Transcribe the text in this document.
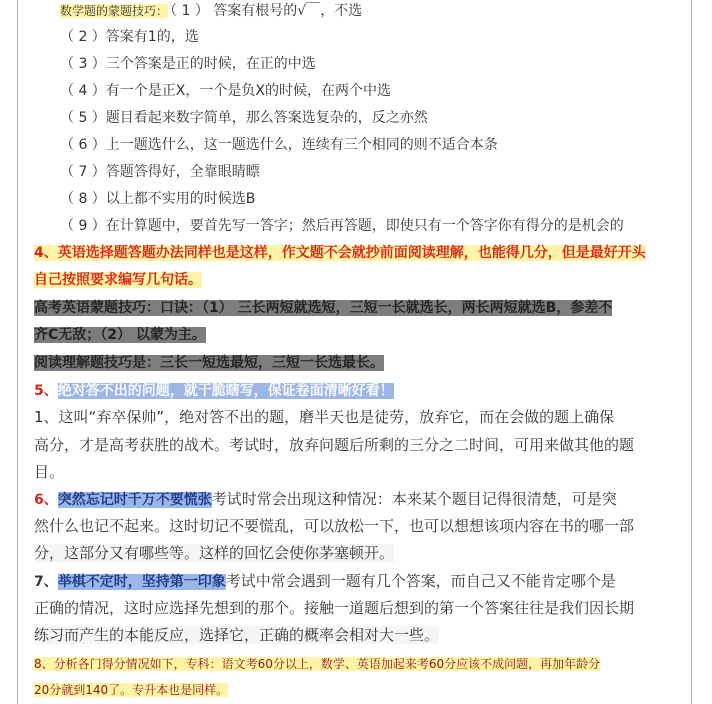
数学题的蒙题技巧： （ 1 ） 答案有根号的√￣，不选
（ 2 ）答案有1的，选
（ 3 ）三个答案是正的时候，在正的中选
（ 4 ）有一个是正X，一个是负X的时候，在两个中选
（ 5 ）题目看起来数字简单，那么答案选复杂的，反之亦然
（ 6 ）上一题选什么，这一题选什么，连续有三个相同的则不适合本条
（ 7 ）答题答得好，全靠眼睛瞟
（ 8 ）以上都不实用的时候选B
（ 9 ）在计算题中，要首先写一答字；然后再答题，即使只有一个答字你有得分的是机会的
4、英语选择题答题办法同样也是这样，作文题不会就抄前面阅读理解，也能得几分，但是最好开头
自己按照要求编写几句话。
高考英语蒙题技巧：口诀：（1） 三长两短就选短，三短一长就选长，两长两短就选B，参差不
齐C无敌；（2） 以蒙为主。
阅读理解题技巧是：三长一短选最短，三短一长选最长。
5、绝对答不出的问题，就干脆瞎写，保证卷面清晰好看！
1、这叫“弃卒保帅”，绝对答不出的题，磨半天也是徒劳，放弃它，而在会做的题上确保
高分，才是高考获胜的战术。考试时，放弃问题后所剩的三分之二时间，可用来做其他的题
目。
6、突然忘记时千万不要慌张考试时常会出现这种情况：本来某个题目记得很清楚，可是突
然什么也记不起来。这时切记不要慌乱，可以放松一下，也可以想想该项内容在书的哪一部
分，这部分又有哪些等。这样的回忆会使你茅塞顿开。
7、举棋不定时，坚持第一印象考试中常会遇到一题有几个答案，而自己又不能肯定哪个是
正确的情况，这时应选择先想到的那个。接触一道题后想到的第一个答案往往是我们因长期
练习而产生的本能反应，选择它，正确的概率会相对大一些。
8、分析各门得分情况如下，专科：语文考60分以上，数学、英语加起来考60分应该不成问题，再加年龄分
20分就到140了。专升本也是同样。
